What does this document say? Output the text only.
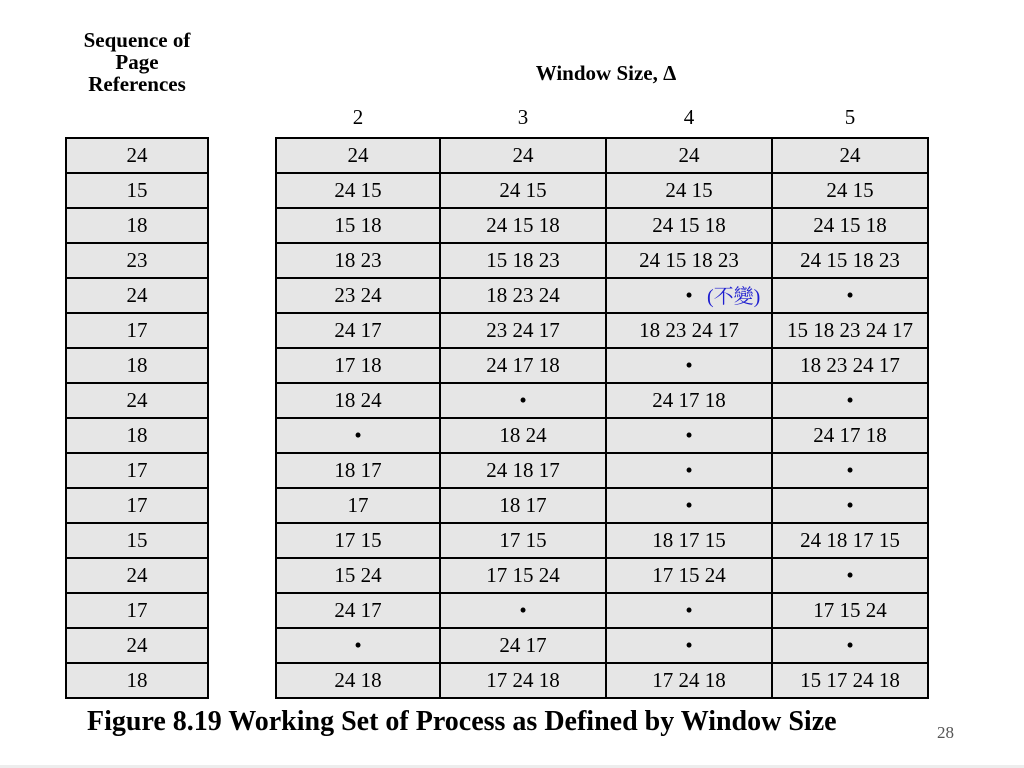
Sequence of
Page
References	Window Size, Δ
2	3	4	5
24
15
18
23
24
17
18
24
18
17
17
15
24
17
24
18
24	24	24	24
24 15	24 15	24 15	24 15
15 18	24 15 18	24 15 18	24 15 18
18 23	15 18 23	24 15 18 23	24 15 18 23
23 24	18 23 24	•	•
24 17	23 24 17	18 23 24 17	15 18 23 24 17
17 18	24 17 18	•	18 23 24 17
18 24	•	24 17 18	•
•	18 24	•	24 17 18
18 17	24 18 17	•	•
17	18 17	•	•
17 15	17 15	18 17 15	24 18 17 15
15 24	17 15 24	17 15 24	•
24 17	•	•	17 15 24
•	24 17	•	•
24 18	17 24 18	17 24 18	15 17 24 18
(不變)
Figure 8.19 Working Set of Process as Defined by Window Size	28
